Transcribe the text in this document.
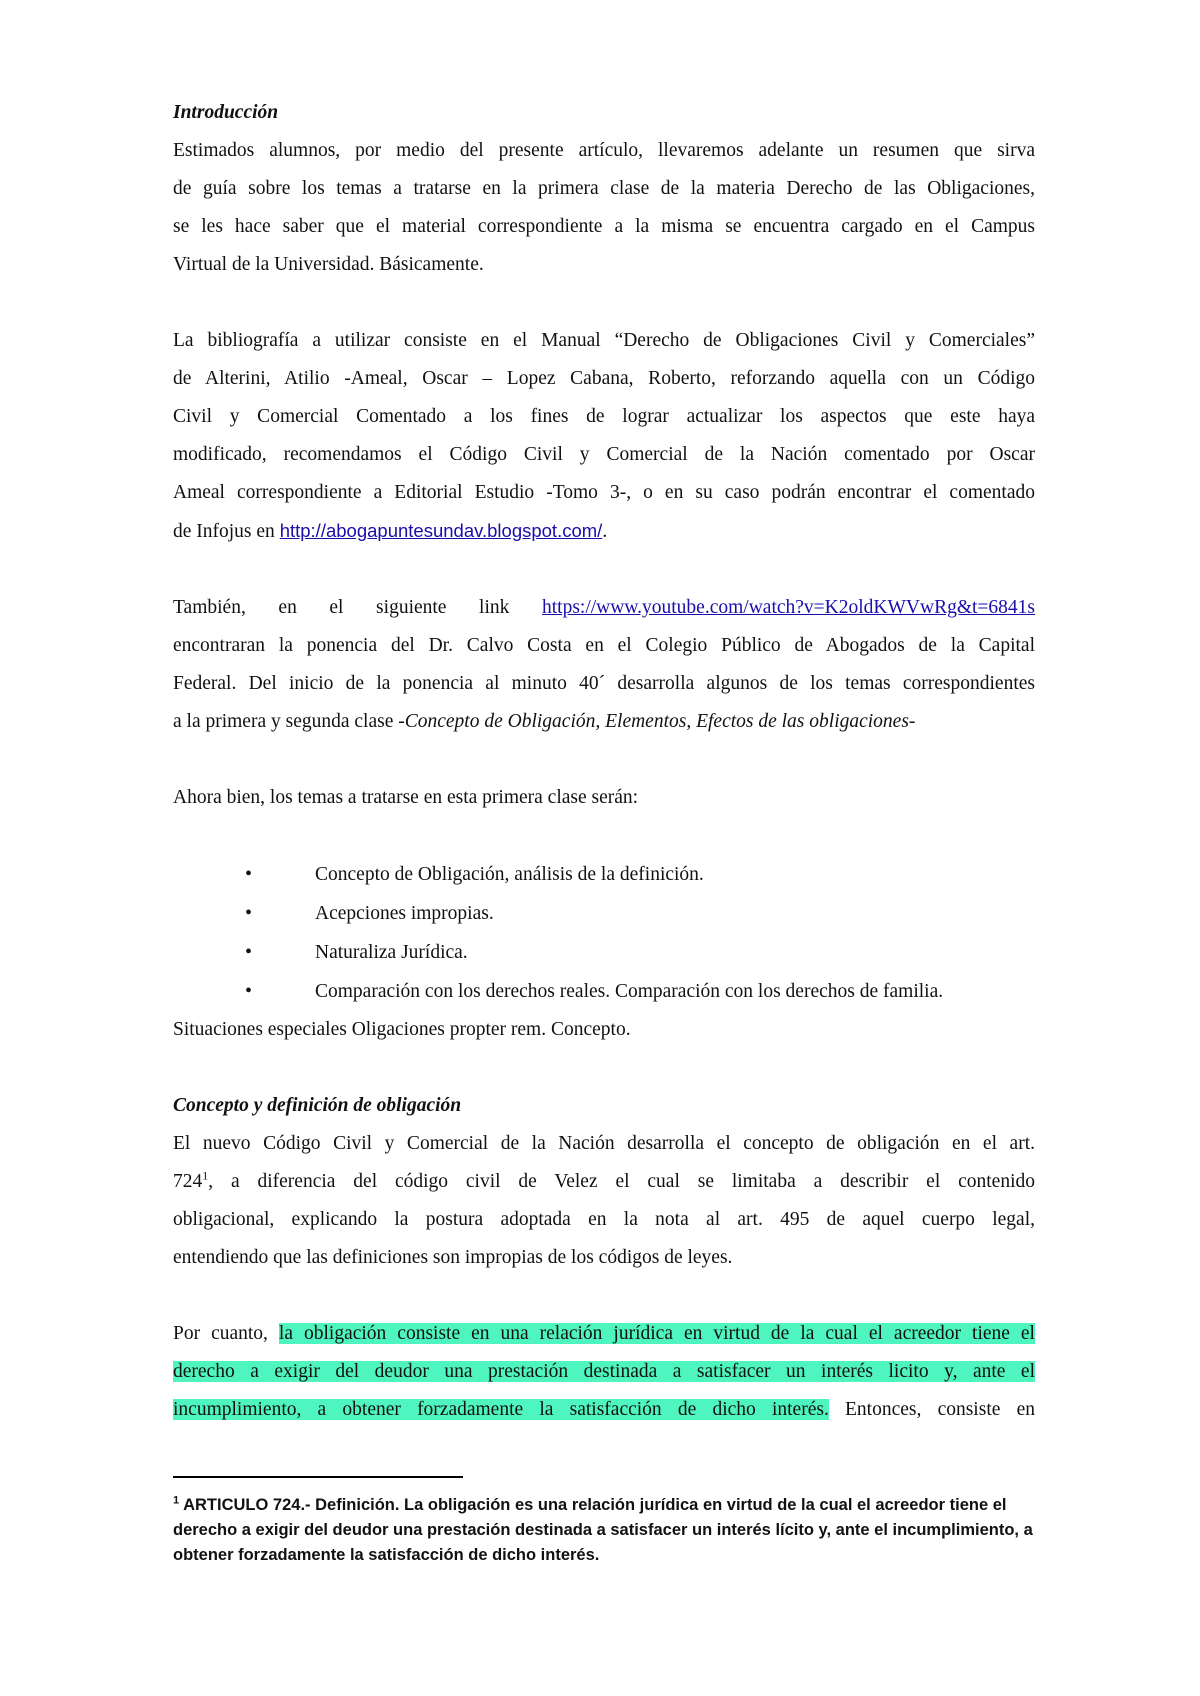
Introducción

Estimados alumnos, por medio del presente artículo, llevaremos adelante un resumen que sirva

de guía sobre los temas a tratarse en la primera clase de la materia Derecho de las Obligaciones,

se les hace saber que el material correspondiente a la misma se encuentra cargado en el Campus

Virtual de la Universidad. Básicamente.

La bibliografía a utilizar consiste en el Manual “Derecho de Obligaciones Civil y Comerciales”

de Alterini, Atilio -Ameal, Oscar – Lopez Cabana, Roberto, reforzando aquella con un Código

Civil y Comercial Comentado a los fines de lograr actualizar los aspectos que este haya

modificado, recomendamos el Código Civil y Comercial de la Nación comentado por Oscar

Ameal correspondiente a Editorial Estudio -Tomo 3-, o en su caso podrán encontrar el comentado

de Infojus en http://abogapuntesundav.blogspot.com/.

También, en el siguiente link https://www.youtube.com/watch?v=K2oldKWVwRg&t=6841s

encontraran la ponencia del Dr. Calvo Costa en el Colegio Público de Abogados de la Capital

Federal. Del inicio de la ponencia al minuto 40´ desarrolla algunos de los temas correspondientes

a la primera y segunda clase -Concepto de Obligación, Elementos, Efectos de las obligaciones-

Ahora bien, los temas a tratarse en esta primera clase serán:

•	Concepto de Obligación, análisis de la definición.
•	Acepciones impropias.
•	Naturaliza Jurídica.
•	Comparación con los derechos reales. Comparación con los derechos de familia.

Situaciones especiales Oligaciones propter rem. Concepto.

Concepto y definición de obligación

El nuevo Código Civil y Comercial de la Nación desarrolla el concepto de obligación en el art.

$724^1$, a diferencia del código civil de Velez el cual se limitaba a describir el contenido

obligacional, explicando la postura adoptada en la nota al art. 495 de aquel cuerpo legal,

entendiendo que las definiciones son impropias de los códigos de leyes.

Por cuanto, la obligación consiste en una relación jurídica en virtud de la cual el acreedor tiene el

derecho a exigir del deudor una prestación destinada a satisfacer un interés licito y, ante el

incumplimiento, a obtener forzadamente la satisfacción de dicho interés. Entonces, consiste en

$^1$ ARTICULO 724.- Definición. La obligación es una relación jurídica en virtud de la cual el acreedor tiene el derecho a exigir del deudor una prestación destinada a satisfacer un interés lícito y, ante el incumplimiento, a obtener forzadamente la satisfacción de dicho interés.
